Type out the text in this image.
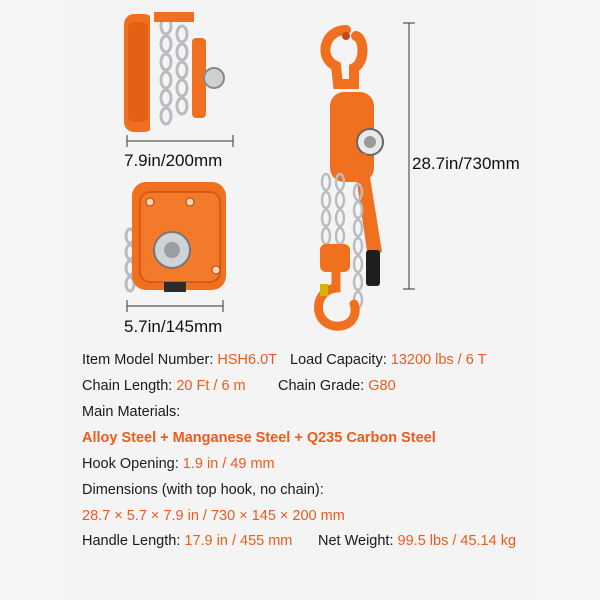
7.9in/200mm
5.7in/145mm
28.7in/730mm
Item Model Number: HSH6.0T Load Capacity: 13200 lbs / 6 T
Chain Length: 20 Ft / 6 m Chain Grade: G80
Main Materials:
Alloy Steel + Manganese Steel + Q235 Carbon Steel
Hook Opening: 1.9 in / 49 mm
Dimensions (with top hook, no chain):
28.7 × 5.7 × 7.9 in / 730 × 145 × 200 mm
Handle Length: 17.9 in / 455 mm Net Weight: 99.5 lbs / 45.14 kg
